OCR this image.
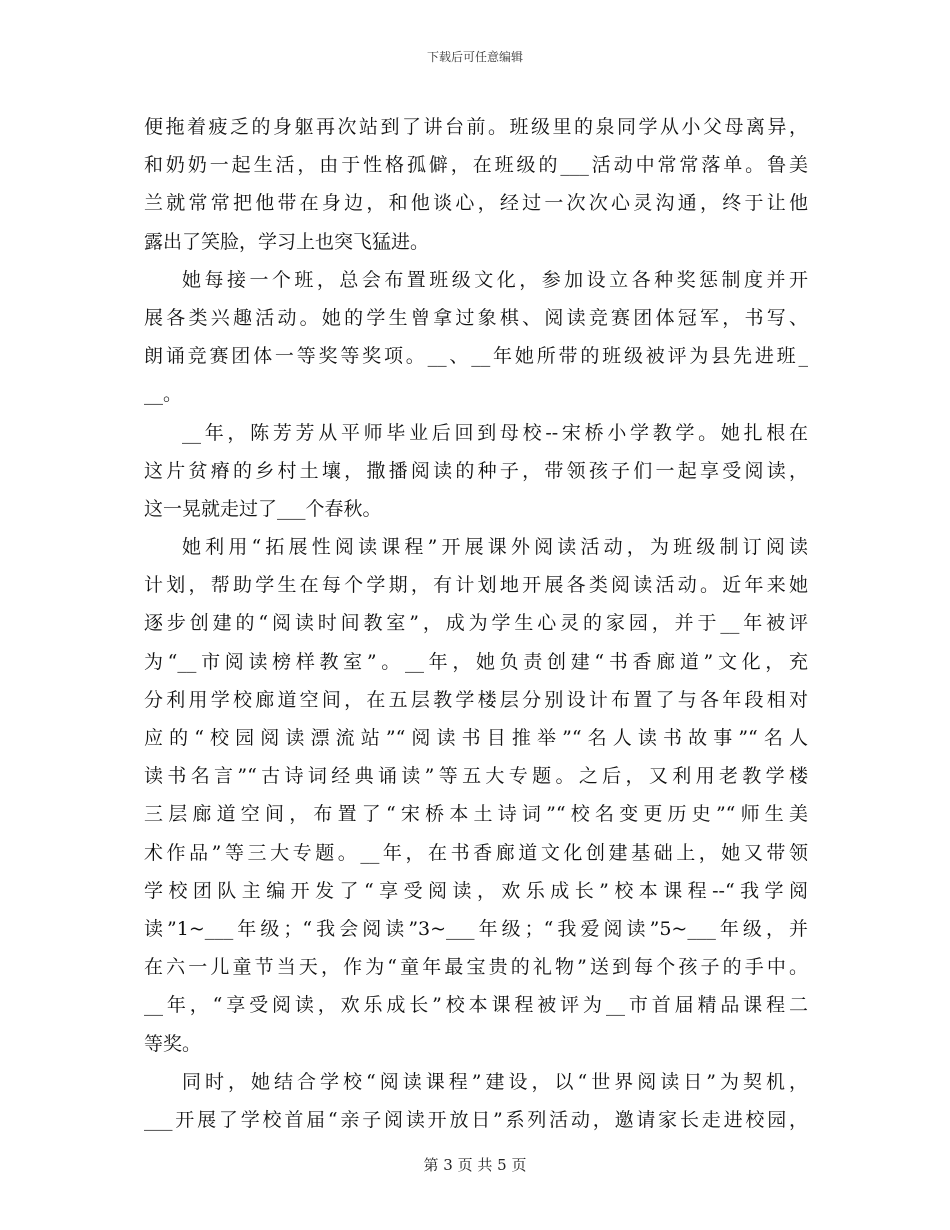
下载后可任意编辑
便拖着疲乏的身躯再次站到了讲台前。班级里的泉同学从小父母离异，
和奶奶一起生活，由于性格孤僻，在班级的___活动中常常落单。鲁美
兰就常常把他带在身边，和他谈心，经过一次次心灵沟通，终于让他
露出了笑脸，学习上也突飞猛进。
她每接一个班，总会布置班级文化，参加设立各种奖惩制度并开
展各类兴趣活动。她的学生曾拿过象棋、阅读竞赛团体冠军，书写、
朗诵竞赛团体一等奖等奖项。__、__年她所带的班级被评为县先进班_
__。
__年，陈芳芳从平师毕业后回到母校--宋桥小学教学。她扎根在
这片贫瘠的乡村土壤，撒播阅读的种子，带领孩子们一起享受阅读，
这一晃就走过了___个春秋。
她利用“拓展性阅读课程”开展课外阅读活动，为班级制订阅读
计划，帮助学生在每个学期，有计划地开展各类阅读活动。近年来她
逐步创建的“阅读时间教室”，成为学生心灵的家园，并于__年被评
为“__市阅读榜样教室”。__年，她负责创建“书香廊道”文化，充
分利用学校廊道空间，在五层教学楼层分别设计布置了与各年段相对
应的“校园阅读漂流站”“阅读书目推举”“名人读书故事”“名人
读书名言”“古诗词经典诵读”等五大专题。之后，又利用老教学楼
三层廊道空间，布置了“宋桥本土诗词”“校名变更历史”“师生美
术作品”等三大专题。__年，在书香廊道文化创建基础上，她又带领
学校团队主编开发了“享受阅读，欢乐成长”校本课程--“我学阅
读”1~___年级；“我会阅读”3~___年级；“我爱阅读”5~___年级，并
在六一儿童节当天，作为“童年最宝贵的礼物”送到每个孩子的手中。
__年，“享受阅读，欢乐成长”校本课程被评为__市首届精品课程二
等奖。
同时，她结合学校“阅读课程”建设，以“世界阅读日”为契机，
___开展了学校首届“亲子阅读开放日”系列活动，邀请家长走进校园，
第 3 页 共 5 页
